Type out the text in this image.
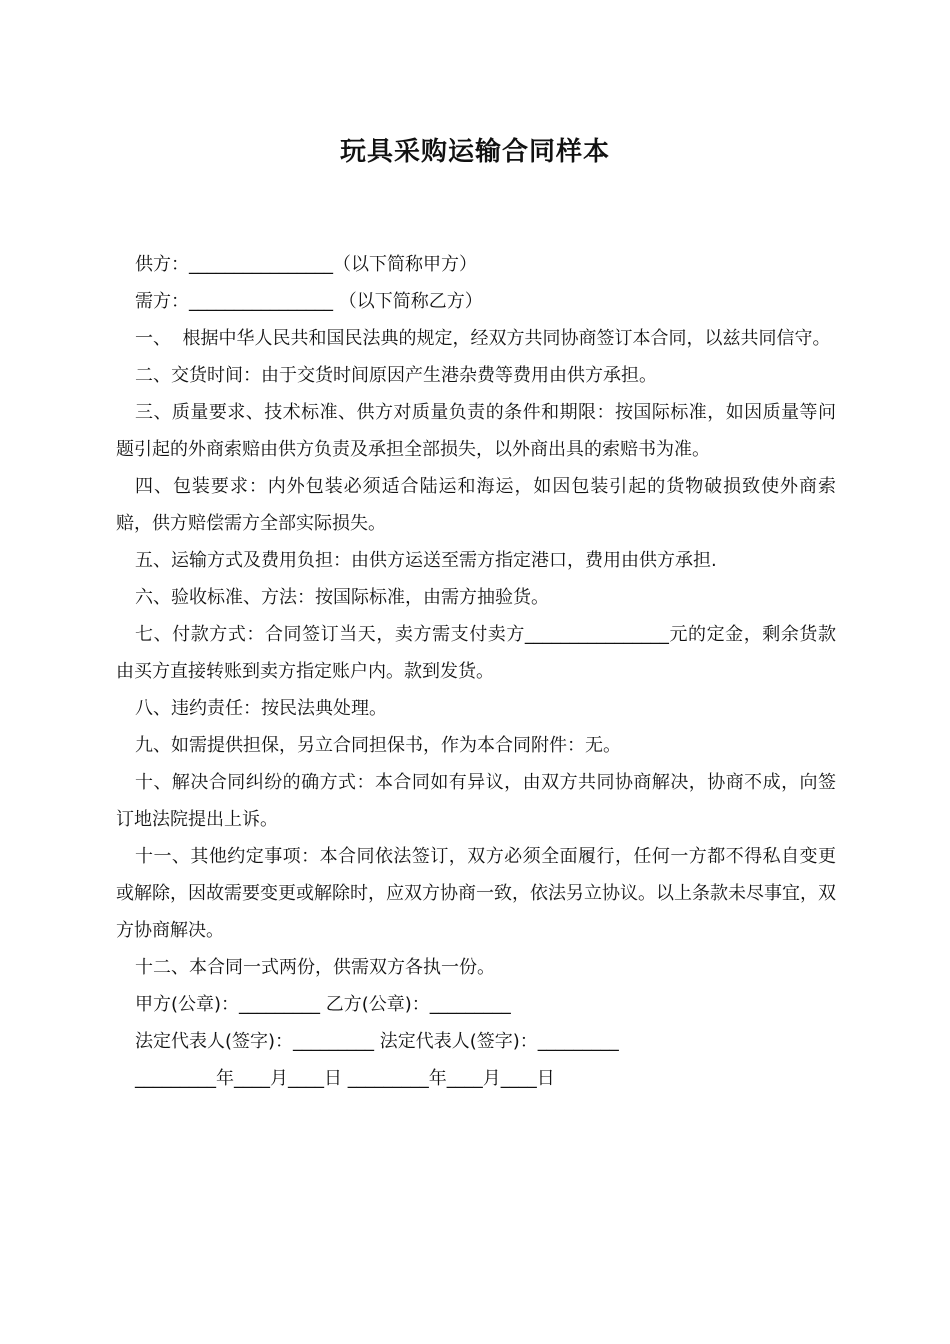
玩具采购运输合同样本

供方：________________（以下简称甲方）

需方：________________ （以下简称乙方）

一、  根据中华人民共和国民法典的规定，经双方共同协商签订本合同，以兹共同信守。

二、交货时间：由于交货时间原因产生港杂费等费用由供方承担。

三、质量要求、技术标准、供方对质量负责的条件和期限：按国际标准，如因质量等问题引起的外商索赔由供方负责及承担全部损失，以外商出具的索赔书为准。

四、包装要求：内外包装必须适合陆运和海运，如因包装引起的货物破损致使外商索赔，供方赔偿需方全部实际损失。

五、运输方式及费用负担：由供方运送至需方指定港口，费用由供方承担.

六、验收标准、方法：按国际标准，由需方抽验货。

七、付款方式：合同签订当天，卖方需支付卖方________________元的定金，剩余货款由买方直接转账到卖方指定账户内。款到发货。

八、违约责任：按民法典处理。

九、如需提供担保，另立合同担保书，作为本合同附件：无。

十、解决合同纠纷的确方式：本合同如有异议，由双方共同协商解决，协商不成，向签订地法院提出上诉。

十一、其他约定事项：本合同依法签订，双方必须全面履行，任何一方都不得私自变更或解除，因故需要变更或解除时，应双方协商一致，依法另立协议。以上条款未尽事宜，双方协商解决。

十二、本合同一式两份，供需双方各执一份。

甲方(公章)：_________ 乙方(公章)：_________

法定代表人(签字)：_________ 法定代表人(签字)：_________

_________年____月____日 _________年____月____日
